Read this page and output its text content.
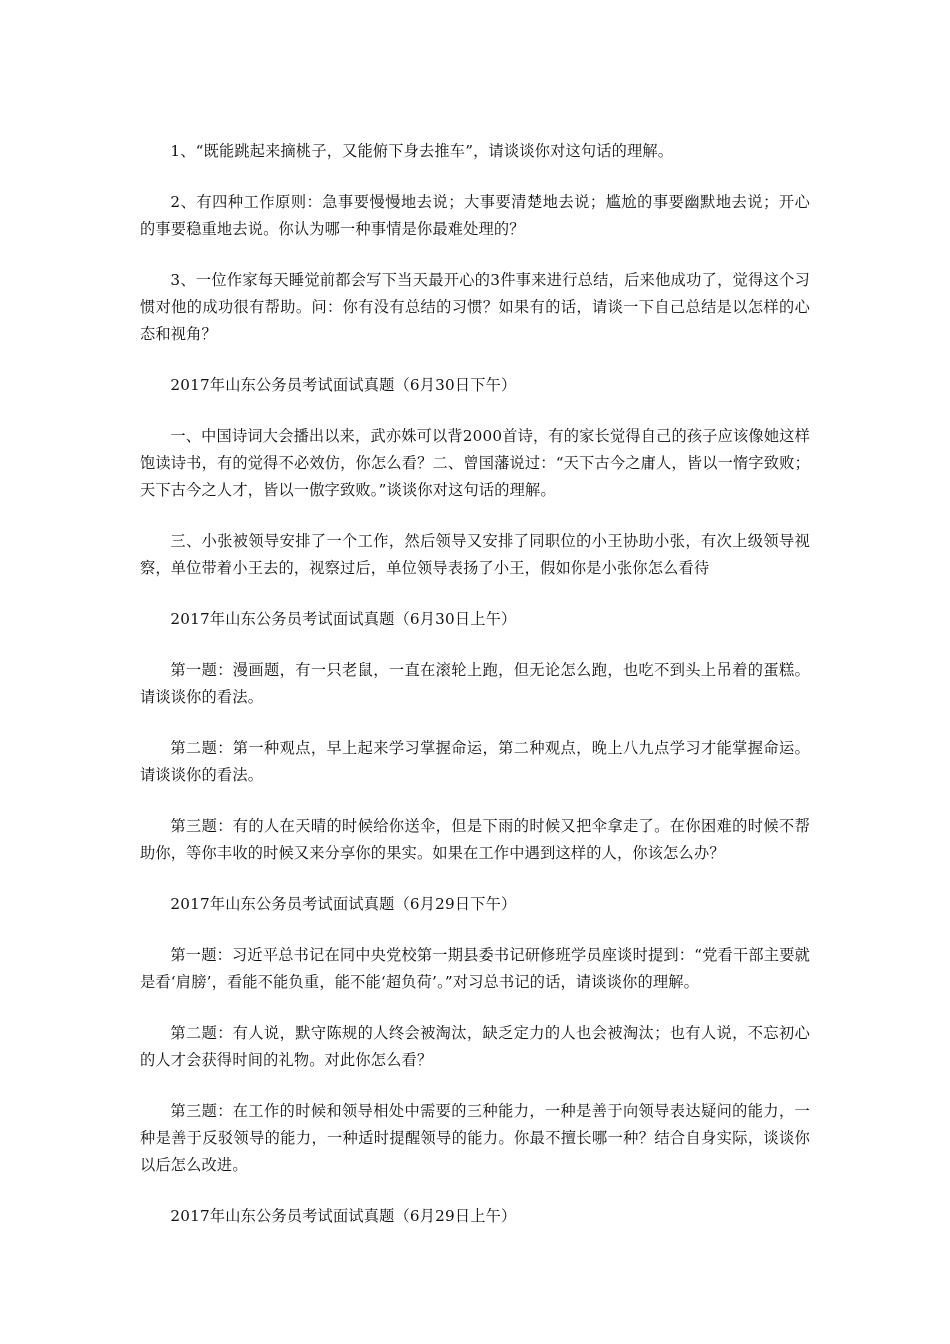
1、“既能跳起来摘桃子，又能俯下身去推车”，请谈谈你对这句话的理解。

2、有四种工作原则：急事要慢慢地去说；大事要清楚地去说；尴尬的事要幽默地去说；开心的事要稳重地去说。你认为哪一种事情是你最难处理的？

3、一位作家每天睡觉前都会写下当天最开心的3件事来进行总结，后来他成功了，觉得这个习惯对他的成功很有帮助。问：你有没有总结的习惯？如果有的话，请谈一下自己总结是以怎样的心态和视角？

2017年山东公务员考试面试真题（6月30日下午）

一、中国诗词大会播出以来，武亦姝可以背2000首诗，有的家长觉得自己的孩子应该像她这样饱读诗书，有的觉得不必效仿，你怎么看？二、曾国藩说过：“天下古今之庸人，皆以一惰字致败；天下古今之人才，皆以一傲字致败。”谈谈你对这句话的理解。

三、小张被领导安排了一个工作，然后领导又安排了同职位的小王协助小张，有次上级领导视察，单位带着小王去的，视察过后，单位领导表扬了小王，假如你是小张你怎么看待

2017年山东公务员考试面试真题（6月30日上午）

第一题：漫画题，有一只老鼠，一直在滚轮上跑，但无论怎么跑，也吃不到头上吊着的蛋糕。请谈谈你的看法。

第二题：第一种观点，早上起来学习掌握命运，第二种观点，晚上八九点学习才能掌握命运。请谈谈你的看法。

第三题：有的人在天晴的时候给你送伞，但是下雨的时候又把伞拿走了。在你困难的时候不帮助你，等你丰收的时候又来分享你的果实。如果在工作中遇到这样的人，你该怎么办？

2017年山东公务员考试面试真题（6月29日下午）

第一题：习近平总书记在同中央党校第一期县委书记研修班学员座谈时提到：“党看干部主要就是看‘肩膀’，看能不能负重，能不能‘超负荷’。”对习总书记的话，请谈谈你的理解。

第二题：有人说，默守陈规的人终会被淘汰，缺乏定力的人也会被淘汰；也有人说，不忘初心的人才会获得时间的礼物。对此你怎么看？

第三题：在工作的时候和领导相处中需要的三种能力，一种是善于向领导表达疑问的能力，一种是善于反驳领导的能力，一种适时提醒领导的能力。你最不擅长哪一种？结合自身实际，谈谈你以后怎么改进。

2017年山东公务员考试面试真题（6月29日上午）
